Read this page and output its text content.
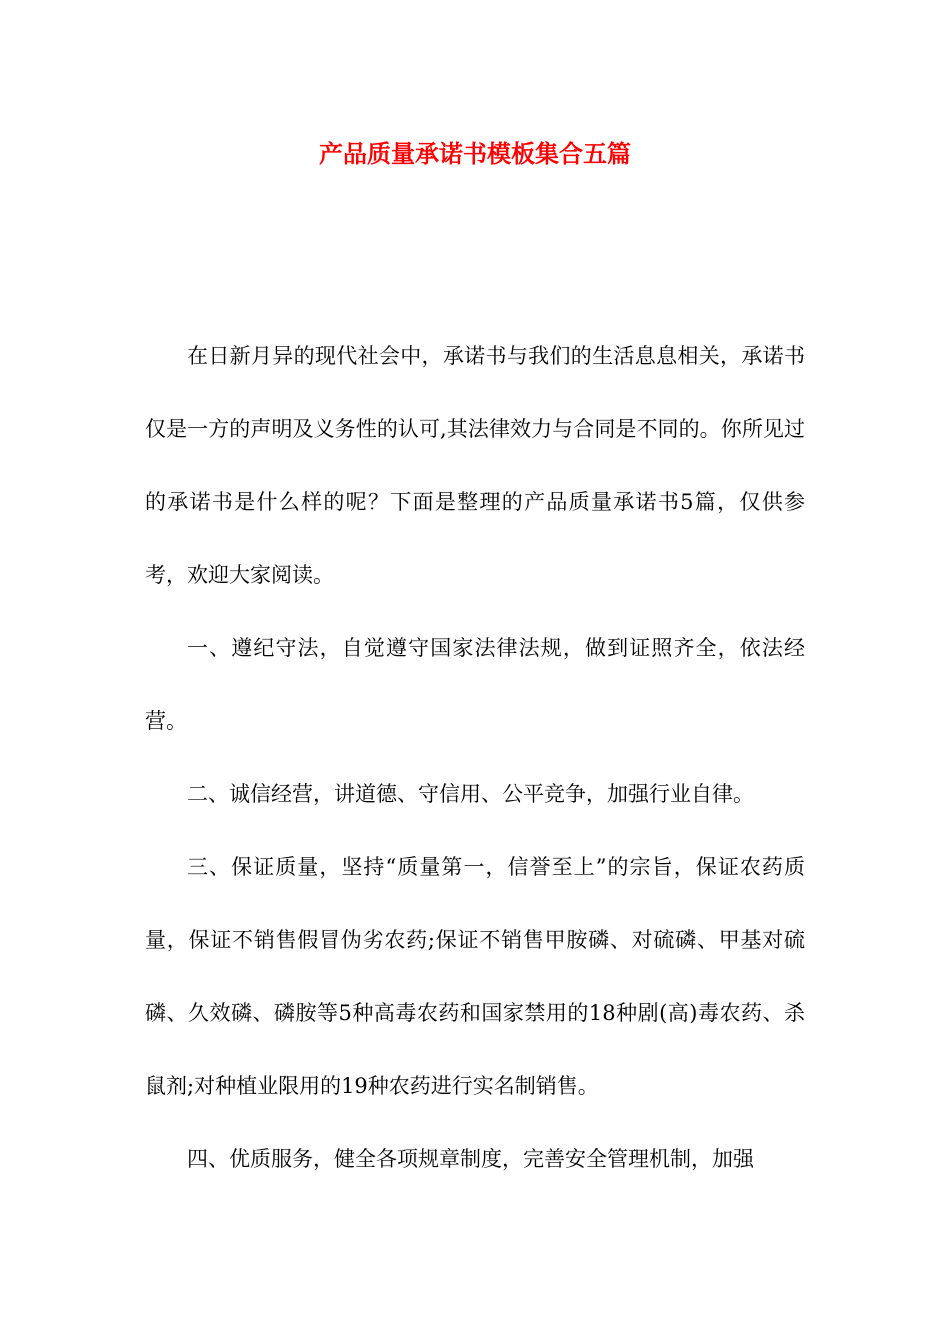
产品质量承诺书模板集合五篇

在日新月异的现代社会中，承诺书与我们的生活息息相关，承诺书仅是一方的声明及义务性的认可,其法律效力与合同是不同的。你所见过的承诺书是什么样的呢？下面是整理的产品质量承诺书5篇，仅供参考，欢迎大家阅读。

一、遵纪守法，自觉遵守国家法律法规，做到证照齐全，依法经营。

二、诚信经营，讲道德、守信用、公平竞争，加强行业自律。

三、保证质量，坚持“质量第一，信誉至上”的宗旨，保证农药质量，保证不销售假冒伪劣农药;保证不销售甲胺磷、对硫磷、甲基对硫磷、久效磷、磷胺等5种高毒农药和国家禁用的18种剧(高)毒农药、杀鼠剂;对种植业限用的19种农药进行实名制销售。

四、优质服务，健全各项规章制度，完善安全管理机制，加强
